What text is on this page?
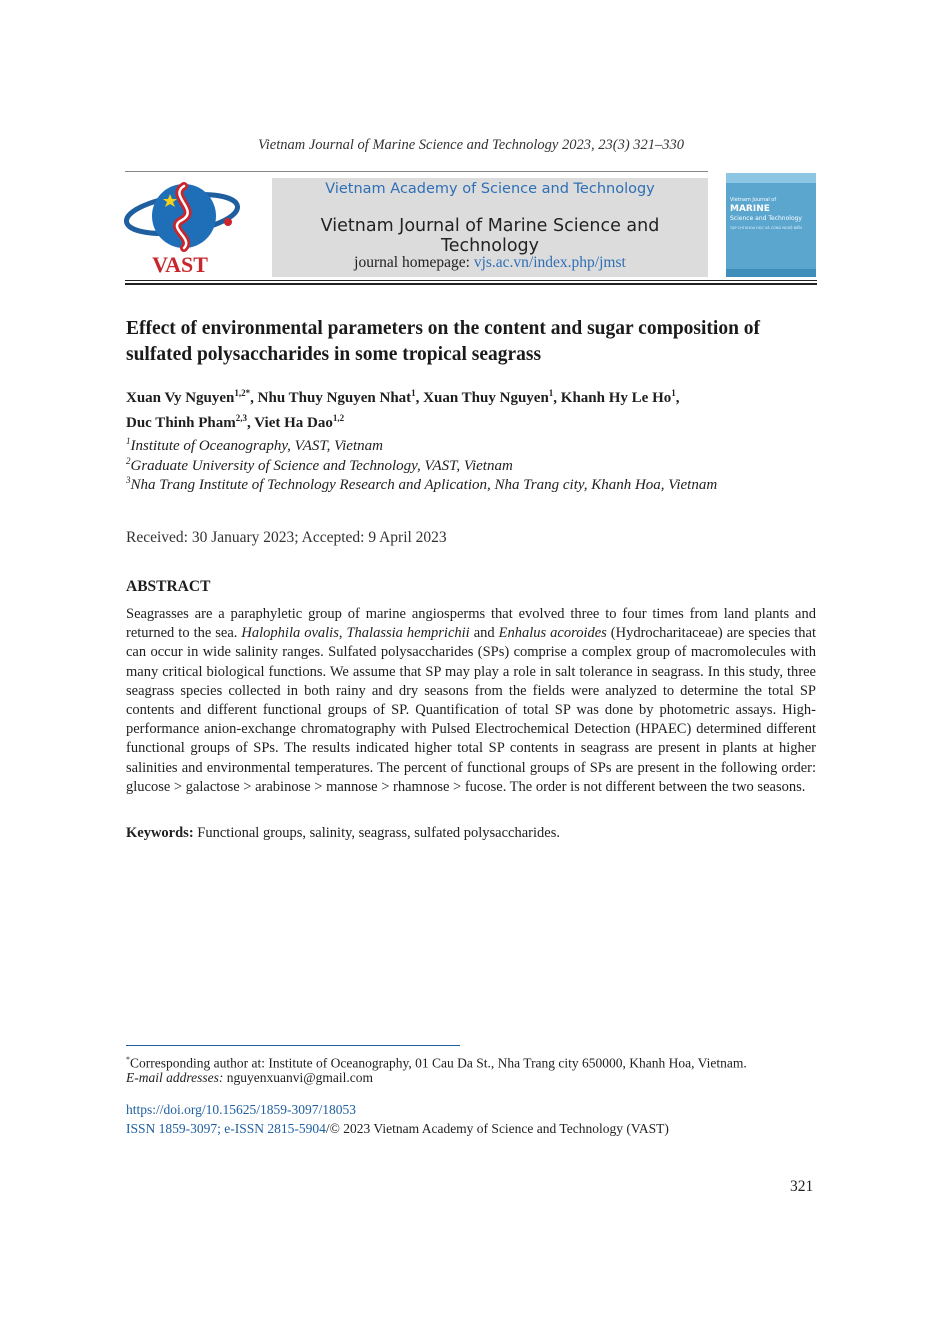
Vietnam Journal of Marine Science and Technology 2023, 23(3) 321–330
VAST
Vietnam Academy of Science and Technology
Vietnam Journal of Marine Science and Technology
journal homepage: vjs.ac.vn/index.php/jmst
Vietnam Journal of
MARINE
Science and Technology
TẠP CHÍ KHOA HỌC VÀ CÔNG NGHỆ BIỂN
Effect of environmental parameters on the content and sugar composition of sulfated polysaccharides in some tropical seagrass
Xuan Vy Nguyen$^{1,2*}$, Nhu Thuy Nguyen Nhat$^1$, Xuan Thuy Nguyen$^1$, Khanh Hy Le Ho$^1$,
Duc Thinh Pham$^{2,3}$, Viet Ha Dao$^{1,2}$
$^1$Institute of Oceanography, VAST, Vietnam
$^2$Graduate University of Science and Technology, VAST, Vietnam
$^3$Nha Trang Institute of Technology Research and Aplication, Nha Trang city, Khanh Hoa, Vietnam
Received: 30 January 2023; Accepted: 9 April 2023
ABSTRACT

Seagrasses are a paraphyletic group of marine angiosperms that evolved three to four times from land plants and returned to the sea. Halophila ovalis, Thalassia hemprichii and Enhalus acoroides (Hydrocharitaceae) are species that can occur in wide salinity ranges. Sulfated polysaccharides (SPs) comprise a complex group of macromolecules with many critical biological functions. We assume that SP may play a role in salt tolerance in seagrass. In this study, three seagrass species collected in both rainy and dry seasons from the fields were analyzed to determine the total SP contents and different functional groups of SP. Quantification of total SP was done by photometric assays. High-performance anion-exchange chromatography with Pulsed Electrochemical Detection (HPAEC) determined different functional groups of SPs. The results indicated higher total SP contents in seagrass are present in plants at higher salinities and environmental temperatures. The percent of functional groups of SPs are present in the following order: glucose > galactose > arabinose > mannose > rhamnose > fucose. The order is not different between the two seasons.

Keywords: Functional groups, salinity, seagrass, sulfated polysaccharides.
*Corresponding author at: Institute of Oceanography, 01 Cau Da St., Nha Trang city 650000, Khanh Hoa, Vietnam.
E-mail addresses: nguyenxuanvi@gmail.com
https://doi.org/10.15625/1859-3097/18053
ISSN 1859-3097; e-ISSN 2815-5904/© 2023 Vietnam Academy of Science and Technology (VAST)
321
